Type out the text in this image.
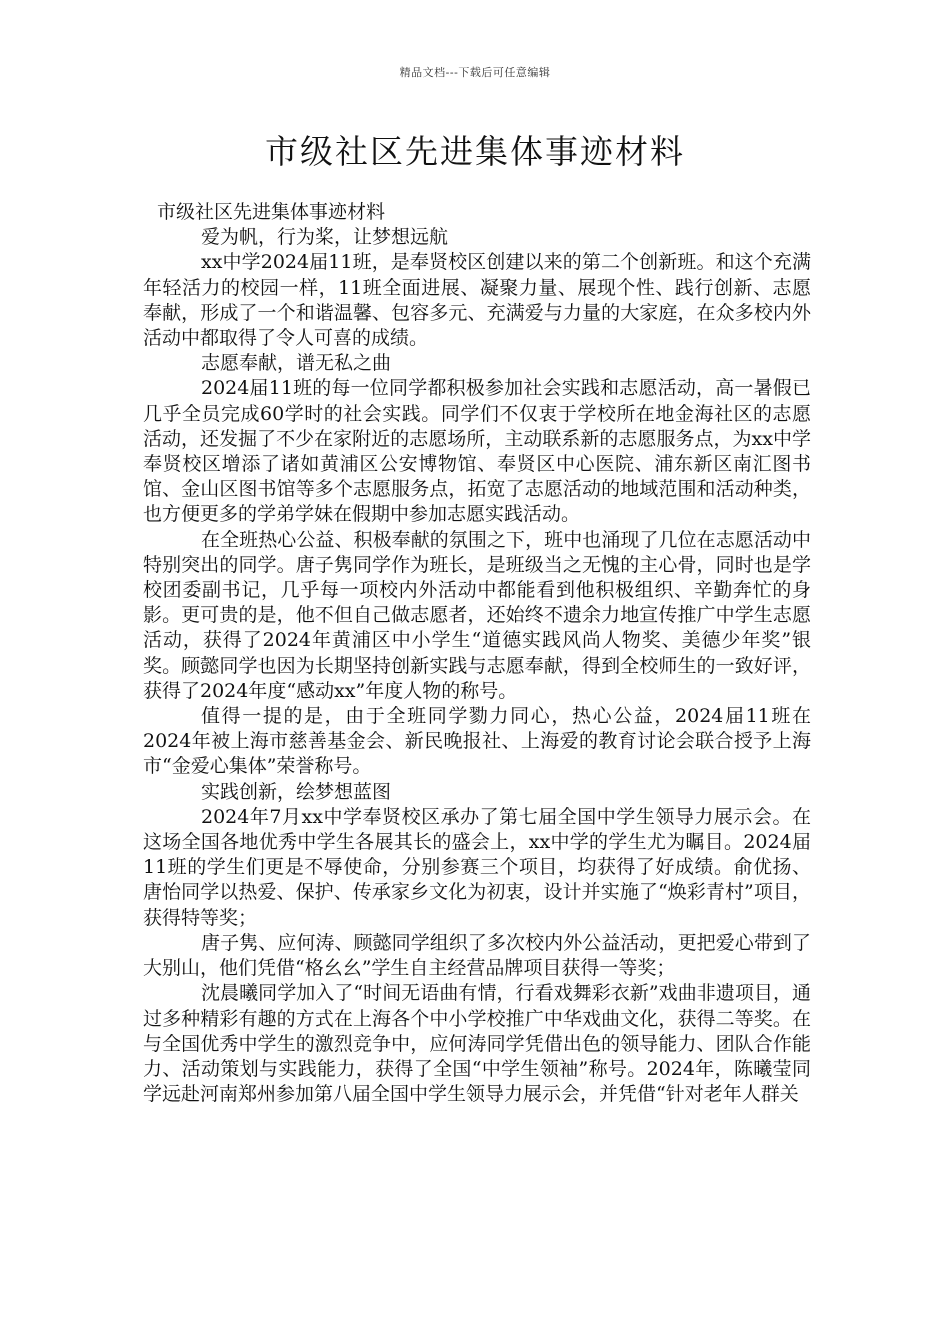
精品文档---下载后可任意编辑
市级社区先进集体事迹材料

市级社区先进集体事迹材料

爱为帆，行为桨，让梦想远航

xx中学2024届11班，是奉贤校区创建以来的第二个创新班。和这个充满年轻活力的校园一样，11班全面进展、凝聚力量、展现个性、践行创新、志愿奉献，形成了一个和谐温馨、包容多元、充满爱与力量的大家庭，在众多校内外活动中都取得了令人可喜的成绩。

志愿奉献，谱无私之曲

2024届11班的每一位同学都积极参加社会实践和志愿活动，高一暑假已几乎全员完成60学时的社会实践。同学们不仅衷于学校所在地金海社区的志愿活动，还发掘了不少在家附近的志愿场所，主动联系新的志愿服务点，为xx中学奉贤校区增添了诸如黄浦区公安博物馆、奉贤区中心医院、浦东新区南汇图书馆、金山区图书馆等多个志愿服务点，拓宽了志愿活动的地域范围和活动种类，也方便更多的学弟学妹在假期中参加志愿实践活动。

在全班热心公益、积极奉献的氛围之下，班中也涌现了几位在志愿活动中特别突出的同学。唐子隽同学作为班长，是班级当之无愧的主心骨，同时也是学校团委副书记，几乎每一项校内外活动中都能看到他积极组织、辛勤奔忙的身影。更可贵的是，他不但自己做志愿者，还始终不遗余力地宣传推广中学生志愿活动，获得了2024年黄浦区中小学生“道德实践风尚人物奖、美德少年奖”银奖。顾懿同学也因为长期坚持创新实践与志愿奉献，得到全校师生的一致好评，获得了2024年度“感动xx”年度人物的称号。

值得一提的是，由于全班同学勠力同心，热心公益，2024届11班在2024年被上海市慈善基金会、新民晚报社、上海爱的教育讨论会联合授予上海市“金爱心集体”荣誉称号。

实践创新，绘梦想蓝图

2024年7月xx中学奉贤校区承办了第七届全国中学生领导力展示会。在这场全国各地优秀中学生各展其长的盛会上，xx中学的学生尤为瞩目。2024届11班的学生们更是不辱使命，分别参赛三个项目，均获得了好成绩。俞优扬、唐怡同学以热爱、保护、传承家乡文化为初衷，设计并实施了“焕彩青村”项目，获得特等奖；

唐子隽、应何涛、顾懿同学组织了多次校内外公益活动，更把爱心带到了大别山，他们凭借“格幺幺”学生自主经营品牌项目获得一等奖；

沈晨曦同学加入了“时间无语曲有情，行看戏舞彩衣新”戏曲非遗项目，通过多种精彩有趣的方式在上海各个中小学校推广中华戏曲文化，获得二等奖。在与全国优秀中学生的激烈竞争中，应何涛同学凭借出色的领导能力、团队合作能力、活动策划与实践能力，获得了全国“中学生领袖”称号。2024年，陈曦莹同学远赴河南郑州参加第八届全国中学生领导力展示会，并凭借“针对老年人群关
